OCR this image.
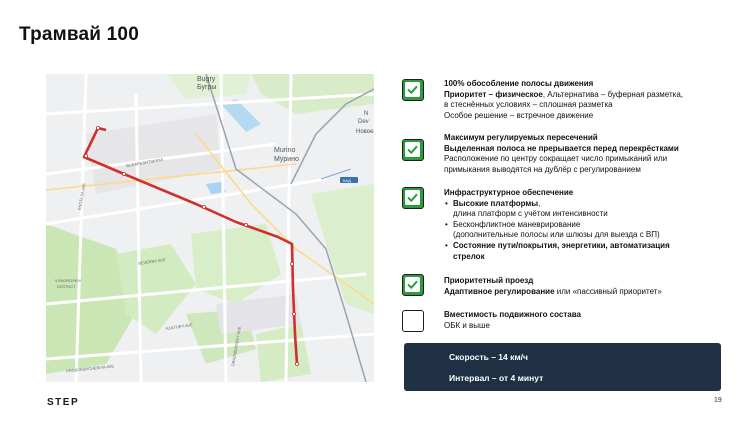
Трамвай 100
Bugry
Бугры
Murino
Мурино
N
Dev
Новое
VYBORGSKIY
DISTRICT
КАД
BUDAPESHTSKAYA
SEVERNY AVE
ENGELSA AVE
KULTURY AVE	GRAZHDANSKIY AVE
PROSVESHCHENIYA AVE
100% обособление полосы движения
Приоритет – физическое, Альтернатива – буферная разметка,
в стеснённых условиях – сплошная разметка
Особое решение – встречное движение
Максимум регулируемых пересечений
Выделенная полоса не прерывается перед перекрёстками
Расположение по центру сокращает число примыканий или
примыкания выводятся на дублёр с регулированием
Инфраструктурное обеспечение
• Высокие платформы,
длина платформ с учётом интенсивности
• Бесконфликтное маневрирование
(дополнительные полосы или шлюзы для выезда с ВП)
• Состояние пути/покрытия, энергетики, автоматизация
стрелок
Приоритетный проезд
Адаптивное регулирование или «пассивный приоритет»
Вместимость подвижного состава
ОБК и выше
Скорость – 14 км/ч
Интервал – от 4 минут
STEP	19
